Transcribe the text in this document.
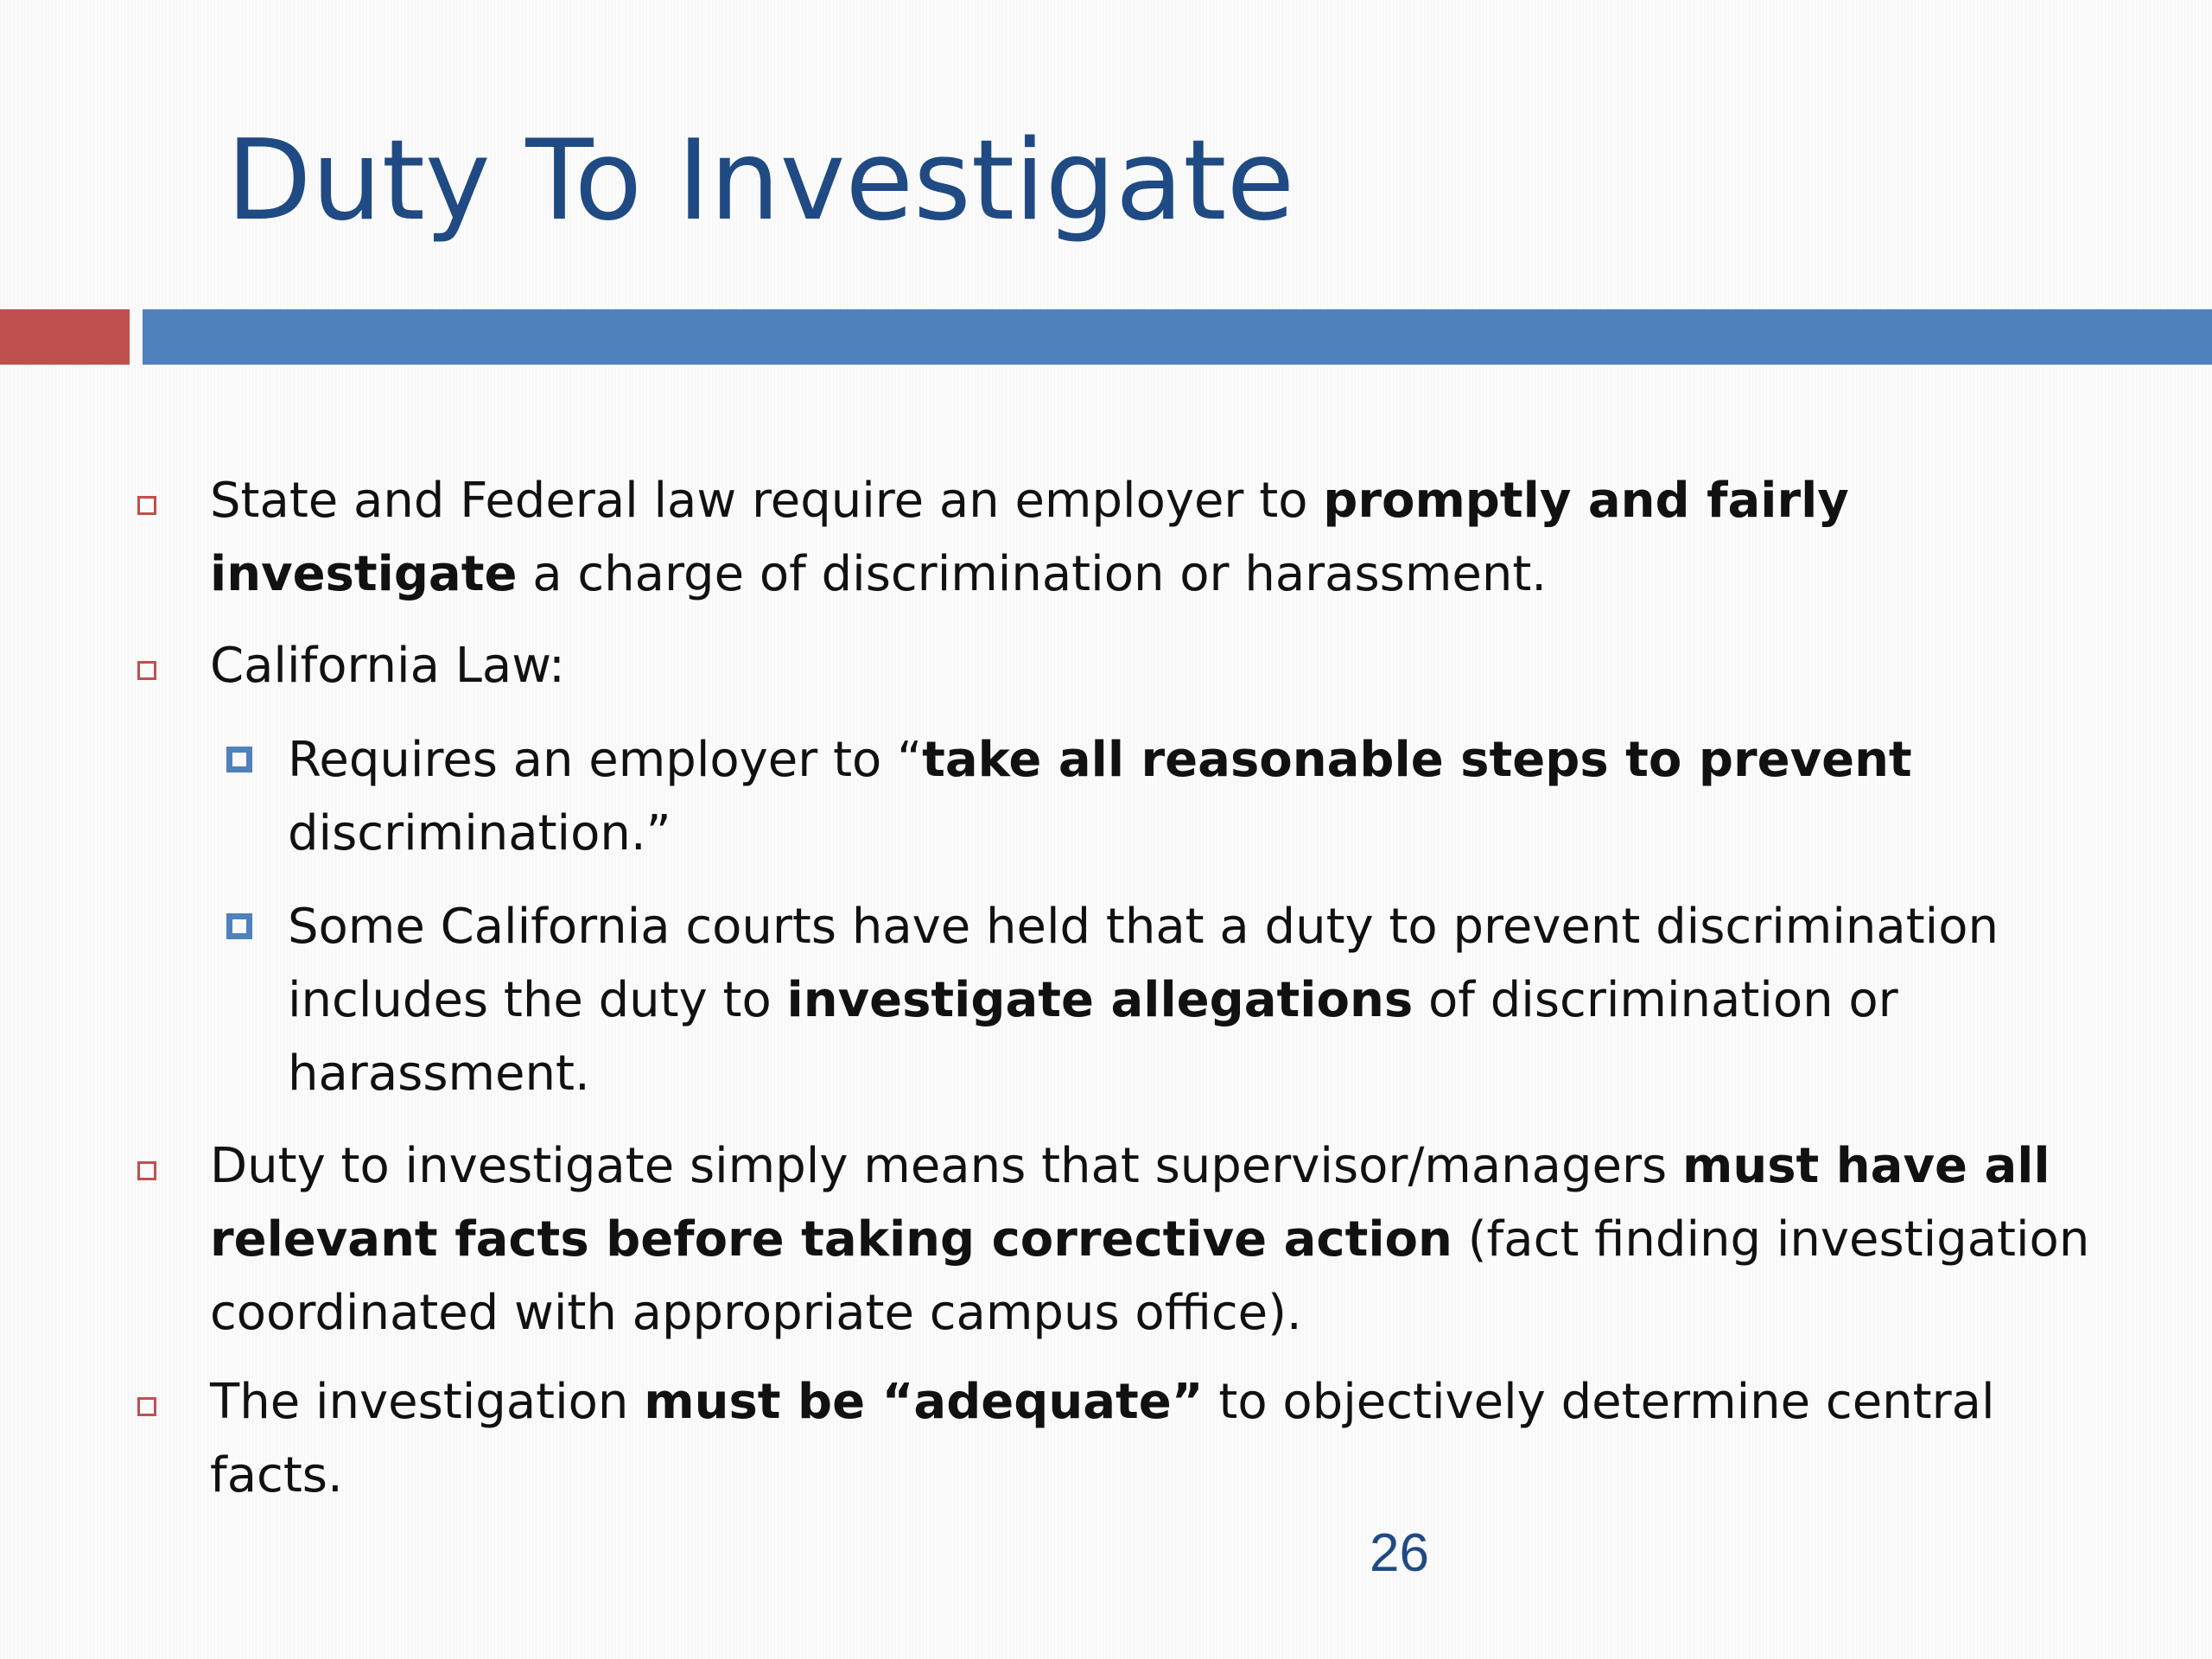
Duty To Investigate
State and Federal law require an employer to promptly and fairly investigate a charge of discrimination or harassment.
California Law:
Requires an employer to “take all reasonable steps to prevent discrimination.”
Some California courts have held that a duty to prevent discrimination includes the duty to investigate allegations of discrimination or harassment.
Duty to investigate simply means that supervisor/managers must have all relevant facts before taking corrective action (fact finding investigation coordinated with appropriate campus office).
The investigation must be “adequate” to objectively determine central facts.
26
